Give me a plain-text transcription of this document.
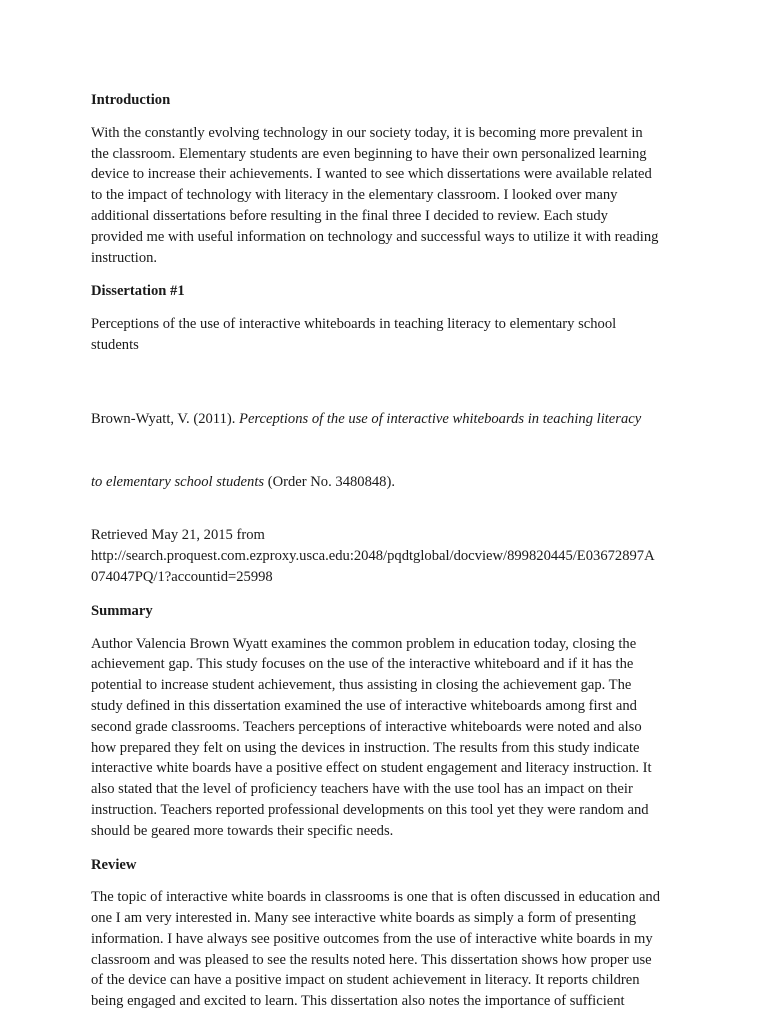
Introduction

With the constantly evolving technology in our society today, it is becoming more prevalent in
the classroom. Elementary students are even beginning to have their own personalized learning
device to increase their achievements. I wanted to see which dissertations were available related
to the impact of technology with literacy in the elementary classroom. I looked over many
additional dissertations before resulting in the final three I decided to review. Each study
provided me with useful information on technology and successful ways to utilize it with reading
instruction.

Dissertation #1

Perceptions of the use of interactive whiteboards in teaching literacy to elementary school
students

Brown-Wyatt, V. (2011). Perceptions of the use of interactive whiteboards in teaching literacy

to elementary school students (Order No. 3480848).

Retrieved May 21, 2015 from
http://search.proquest.com.ezproxy.usca.edu:2048/pqdtglobal/docview/899820445/E03672897A
074047PQ/1?accountid=25998

Summary

Author Valencia Brown Wyatt examines the common problem in education today, closing the
achievement gap. This study focuses on the use of the interactive whiteboard and if it has the
potential to increase student achievement, thus assisting in closing the achievement gap. The
study defined in this dissertation examined the use of interactive whiteboards among first and
second grade classrooms. Teachers perceptions of interactive whiteboards were noted and also
how prepared they felt on using the devices in instruction. The results from this study indicate
interactive white boards have a positive effect on student engagement and literacy instruction. It
also stated that the level of proficiency teachers have with the use tool has an impact on their
instruction. Teachers reported professional developments on this tool yet they were random and
should be geared more towards their specific needs.

Review

The topic of interactive white boards in classrooms is one that is often discussed in education and
one I am very interested in. Many see interactive white boards as simply a form of presenting
information. I have always see positive outcomes from the use of interactive white boards in my
classroom and was pleased to see the results noted here. This dissertation shows how proper use
of the device can have a positive impact on student achievement in literacy. It reports children
being engaged and excited to learn. This dissertation also notes the importance of sufficient
